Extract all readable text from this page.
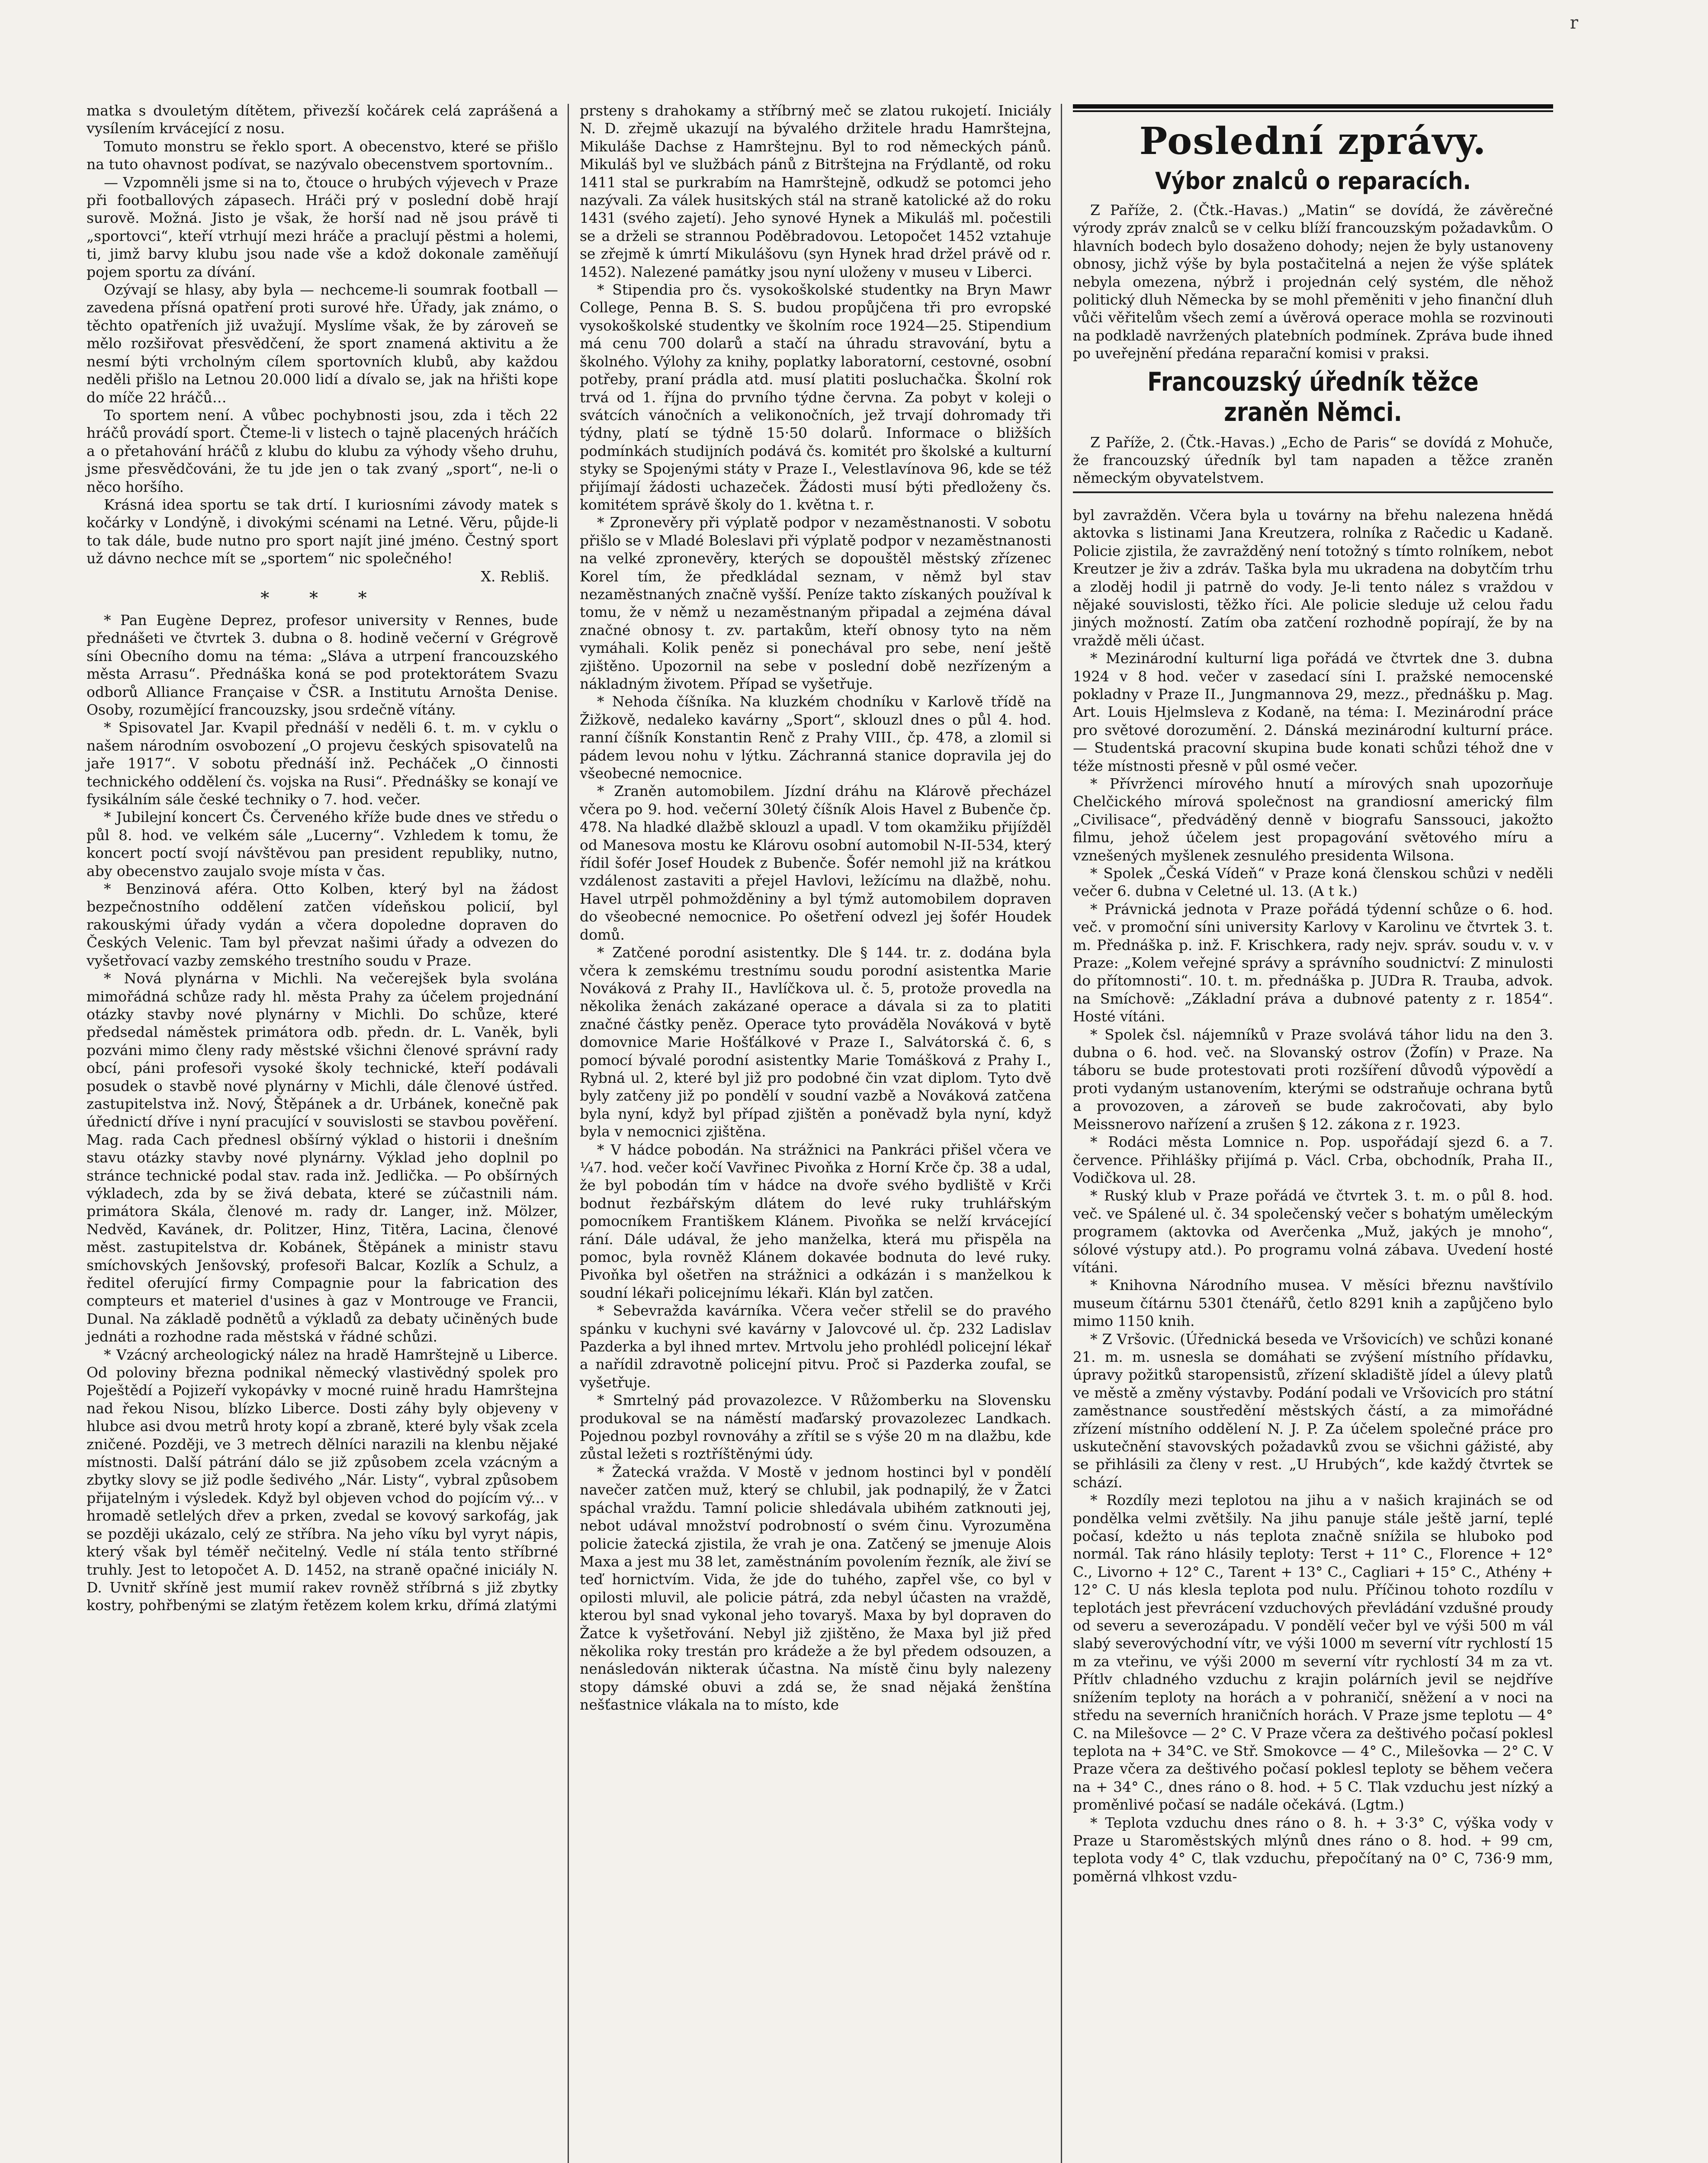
r

matka s dvouletým dítětem, přivezší kočárek celá zaprášená a vysílením krvácející z nosu.

Tomuto monstru se řeklo sport. A obecenstvo, které se přišlo na tuto ohavnost podívat, se nazývalo obecenstvem sportovním..

— Vzpomněli jsme si na to, čtouce o hrubých výjevech v Praze při footballových zápasech. Hráči prý v poslední době hrají surově. Možná. Jisto je však, že horší nad ně jsou právě ti „sportovci“, kteří vtrhují mezi hráče a praclují pěstmi a holemi, ti, jimž barvy klubu jsou nade vše a kdož dokonale zaměňují pojem sportu za dívání.

Ozývají se hlasy, aby byla — nechceme-li soumrak football — zavedena přísná opatření proti surové hře. Úřady, jak známo, o těchto opatřeních již uvažují. Myslíme však, že by zároveň se mělo rozšiřovat přesvědčení, že sport znamená aktivitu a že nesmí býti vrcholným cílem sportovních klubů, aby každou neděli přišlo na Letnou 20.000 lidí a dívalo se, jak na hřišti kope do míče 22 hráčů…

To sportem není. A vůbec pochybnosti jsou, zda i těch 22 hráčů provádí sport. Čteme-li v listech o tajně placených hráčích a o přetahování hráčů z klubu do klubu za výhody všeho druhu, jsme přesvědčováni, že tu jde jen o tak zvaný „sport“, ne-li o něco horšího.

Krásná idea sportu se tak drtí. I kuriosními závody matek s kočárky v Londýně, i divokými scénami na Letné. Věru, půjde-li to tak dále, bude nutno pro sport najít jiné jméno. Čestný sport už dávno nechce mít se „sportem“ nic společného!

X. Rebliš.

* * *

* Pan Eugène Deprez, profesor university v Rennes, bude přednášeti ve čtvrtek 3. dubna o 8. hodině večerní v Grégrově síni Obecního domu na téma: „Sláva a utrpení francouzského města Arrasu“. Přednáška koná se pod protektorátem Svazu odborů Alliance Française v ČSR. a Institutu Arnošta Denise. Osoby, rozumějící francouzsky, jsou srdečně vítány.

* Spisovatel Jar. Kvapil přednáší v neděli 6. t. m. v cyklu o našem národním osvobození „O projevu českých spisovatelů na jaře 1917“. V sobotu přednáší inž. Pecháček „O činnosti technického oddělení čs. vojska na Rusi“. Přednášky se konají ve fysikálním sále české techniky o 7. hod. večer.

* Jubilejní koncert Čs. Červeného kříže bude dnes ve středu o půl 8. hod. ve velkém sále „Lucerny“. Vzhledem k tomu, že koncert poctí svojí návštěvou pan president republiky, nutno, aby obecenstvo zaujalo svoje místa v čas.

* Benzinová aféra. Otto Kolben, který byl na žádost bezpečnostního oddělení zatčen vídeňskou policií, byl rakouskými úřady vydán a včera dopoledne dopraven do Českých Velenic. Tam byl převzat našimi úřady a odvezen do vyšetřovací vazby zemského trestního soudu v Praze.

* Nová plynárna v Michli. Na večerejšek byla svolána mimořádná schůze rady hl. města Prahy za účelem projednání otázky stavby nové plynárny v Michli. Do schůze, které předsedal náměstek primátora odb. předn. dr. L. Vaněk, byli pozváni mimo členy rady městské všichni členové správní rady obcí, páni profesoři vysoké školy technické, kteří podávali posudek o stavbě nové plynárny v Michli, dále členové ústřed. zastupitelstva inž. Nový, Štěpánek a dr. Urbánek, konečně pak úřednictí dříve i nyní pracující v souvislosti se stavbou pověření. Mag. rada Cach přednesl obšírný výklad o historii i dnešním stavu otázky stavby nové plynárny. Výklad jeho doplnil po stránce technické podal stav. rada inž. Jedlička. — Po obšírných výkladech, zda by se živá debata, které se zúčastnili nám. primátora Skála, členové m. rady dr. Langer, inž. Mölzer, Nedvěd, Kavánek, dr. Politzer, Hinz, Titěra, Lacina, členové měst. zastupitelstva dr. Kobánek, Štěpánek a ministr stavu smíchovských Jenšovský, profesoři Balcar, Kozlík a Schulz, a ředitel oferující firmy Compagnie pour la fabrication des compteurs et materiel d'usines à gaz v Montrouge ve Francii, Dunal. Na základě podnětů a výkladů za debaty učiněných bude jednáti a rozhodne rada městská v řádné schůzi.

* Vzácný archeologický nález na hradě Hamrštejně u Liberce. Od poloviny března podnikal německý vlastivědný spolek pro Poještědí a Pojizeří vykopávky v mocné ruině hradu Hamrštejna nad řekou Nisou, blízko Liberce. Dosti záhy byly objeveny v hlubce asi dvou metrů hroty kopí a zbraně, které byly však zcela zničené. Později, ve 3 metrech dělníci narazili na klenbu nějaké místnosti. Další pátrání dálo se již způsobem zcela vzácným a zbytky slovy se již podle šedivého „Nár. Listy“, vybral způsobem přijatelným i výsledek. Když byl objeven vchod do pojícím vý... v hromadě setlelých dřev a prken, zvedal se kovový sarkofág, jak se později ukázalo, celý ze stříbra. Na jeho víku byl vyryt nápis, který však byl téměř nečitelný. Vedle ní stála tento stříbrné truhly. Jest to letopočet A. D. 1452, na straně opačné iniciály N. D. Uvnitř skříně jest mumií rakev rovněž stříbrná s již zbytky kostry, pohřbenými se zlatým řetězem kolem krku, dřímá zlatými

prsteny s drahokamy a stříbrný meč se zlatou rukojetí. Iniciály N. D. zřejmě ukazují na bývalého držitele hradu Hamrštejna, Mikuláše Dachse z Hamrštejnu. Byl to rod německých pánů. Mikuláš byl ve službách pánů z Bitrštejna na Frýdlantě, od roku 1411 stal se purkrabím na Hamrštejně, odkudž se potomci jeho nazývali. Za válek husitských stál na straně katolické až do roku 1431 (svého zajetí). Jeho synové Hynek a Mikuláš ml. počestili se a drželi se strannou Poděbradovou. Letopočet 1452 vztahuje se zřejmě k úmrtí Mikulášovu (syn Hynek hrad držel právě od r. 1452). Nalezené památky jsou nyní uloženy v museu v Liberci.

* Stipendia pro čs. vysokoškolské studentky na Bryn Mawr College, Penna B. S. S. budou propůjčena tři pro evropské vysokoškolské studentky ve školním roce 1924—25. Stipendium má cenu 700 dolarů a stačí na úhradu stravování, bytu a školného. Výlohy za knihy, poplatky laboratorní, cestovné, osobní potřeby, praní prádla atd. musí platiti posluchačka. Školní rok trvá od 1. října do prvního týdne června. Za pobyt v koleji o svátcích vánočních a velikonočních, jež trvají dohromady tři týdny, platí se týdně 15·50 dolarů. Informace o bližších podmínkách studijních podává čs. komitét pro školské a kulturní styky se Spojenými státy v Praze I., Velestlavínova 96, kde se též přijímají žádosti uchazeček. Žádosti musí býti předloženy čs. komitétem správě školy do 1. května t. r.

* Zpronevěry při výplatě podpor v nezaměstnanosti. V sobotu přišlo se v Mladé Boleslavi při výplatě podpor v nezaměstnanosti na velké zpronevěry, kterých se dopouštěl městský zřízenec Korel tím, že předkládal seznam, v němž byl stav nezaměstnaných značně vyšší. Peníze takto získaných používal k tomu, že v němž u nezaměstnaným připadal a zejména dával značné obnosy t. zv. partakům, kteří obnosy tyto na něm vymáhali. Kolik peněz si ponechával pro sebe, není ještě zjištěno. Upozornil na sebe v poslední době nezřízeným a nákladným životem. Případ se vyšetřuje.

* Nehoda číšníka. Na kluzkém chodníku v Karlově třídě na Žižkově, nedaleko kavárny „Sport“, sklouzl dnes o půl 4. hod. ranní číšník Konstantin Renč z Prahy VIII., čp. 478, a zlomil si pádem levou nohu v lýtku. Záchranná stanice dopravila jej do všeobecné nemocnice.

* Zraněn automobilem. Jízdní dráhu na Klárově přecházel včera po 9. hod. večerní 30letý číšník Alois Havel z Bubenče čp. 478. Na hladké dlažbě sklouzl a upadl. V tom okamžiku přijížděl od Manesova mostu ke Klárovu osobní automobil N-II-534, který řídil šofér Josef Houdek z Bubenče. Šofér nemohl již na krátkou vzdálenost zastaviti a přejel Havlovi, ležícímu na dlažbě, nohu. Havel utrpěl pohmožděniny a byl týmž automobilem dopraven do všeobecné nemocnice. Po ošetření odvezl jej šofér Houdek domů.

* Zatčené porodní asistentky. Dle § 144. tr. z. dodána byla včera k zemskému trestnímu soudu porodní asistentka Marie Nováková z Prahy II., Havlíčkova ul. č. 5, protože provedla na několika ženách zakázané operace a dávala si za to platiti značné částky peněz. Operace tyto prováděla Nováková v bytě domovnice Marie Hošťálkové v Praze I., Salvátorská č. 6, s pomocí bývalé porodní asistentky Marie Tomášková z Prahy I., Rybná ul. 2, které byl již pro podobné čin vzat diplom. Tyto dvě byly zatčeny již po pondělí v soudní vazbě a Nováková zatčena byla nyní, když byl případ zjištěn a poněvadž byla nyní, když byla v nemocnici zjištěna.

* V hádce pobodán. Na strážnici na Pankráci přišel včera ve ¼7. hod. večer kočí Vavřinec Pivoňka z Horní Krče čp. 38 a udal, že byl pobodán tím v hádce na dvoře svého bydliště v Krči bodnut řezbářským dlátem do levé ruky truhlářským pomocníkem Františkem Klánem. Pivoňka se nelží krvácející rání. Dále udával, že jeho manželka, která mu přispěla na pomoc, byla rovněž Klánem dokavée bodnuta do levé ruky. Pivoňka byl ošetřen na strážnici a odkázán i s manželkou k soudní lékaři policejnímu lékaři. Klán byl zatčen.

* Sebevražda kavárníka. Včera večer střelil se do pravého spánku v kuchyni své kavárny v Jalovcové ul. čp. 232 Ladislav Pazderka a byl ihned mrtev. Mrtvolu jeho prohlédl policejní lékař a nařídil zdravotně policejní pitvu. Proč si Pazderka zoufal, se vyšetřuje.

* Smrtelný pád provazolezce. V Růžomberku na Slovensku produkoval se na náměstí maďarský provazolezec Landkach. Pojednou pozbyl rovnováhy a zřítil se s výše 20 m na dlažbu, kde zůstal ležeti s roztříštěnými údy.

* Žatecká vražda. V Mostě v jednom hostinci byl v pondělí navečer zatčen muž, který se chlubil, jak podnapilý, že v Žatci spáchal vraždu. Tamní policie shledávala ubihém zatknouti jej, nebot udával množství podrobností o svém činu. Vyrozuměna policie žatecká zjistila, že vrah je ona. Zatčený se jmenuje Alois Maxa a jest mu 38 let, zaměstnáním povolením řezník, ale živí se teď hornictvím. Vida, že jde do tuhého, zapřel vše, co byl v opilosti mluvil, ale policie pátrá, zda nebyl účasten na vraždě, kterou byl snad vykonal jeho tovaryš. Maxa by byl dopraven do Žatce k vyšetřování. Nebyl již zjištěno, že Maxa byl již před několika roky trestán pro krádeže a že byl předem odsouzen, a nenásledován nikterak účastna. Na místě činu byly nalezeny stopy dámské obuvi a zdá se, že snad nějaká ženštína nešťastnice vlákala na to místo, kde

Poslední zprávy.
Výbor znalců o reparacích.

Z Paříže, 2. (Čtk.-Havas.) „Matin“ se dovídá, že závěrečné výrody zpráv znalců se v celku blíží francouzským požadavkům. O hlavních bodech bylo dosaženo dohody; nejen že byly ustanoveny obnosy, jichž výše by byla postačitelná a nejen že výše splátek nebyla omezena, nýbrž i projednán celý systém, dle něhož politický dluh Německa by se mohl přeměniti v jeho finanční dluh vůči věřitelům všech zemí a úvěrová operace mohla se rozvinouti na podkladě navržených platebních podmínek. Zpráva bude ihned po uveřejnění předána reparační komisi v praksi.

Francouzský úředník těžce zraněn Němci.

Z Paříže, 2. (Čtk.-Havas.) „Echo de Paris“ se dovídá z Mohuče, že francouzský úředník byl tam napaden a těžce zraněn německým obyvatelstvem.

byl zavražděn. Včera byla u továrny na břehu nalezena hnědá aktovka s listinami Jana Kreutzera, rolníka z Račedic u Kadaně. Policie zjistila, že zavražděný není totožný s tímto rolníkem, nebot Kreutzer je živ a zdráv. Taška byla mu ukradena na dobytčím trhu a zloděj hodil ji patrně do vody. Je-li tento nález s vraždou v nějaké souvislosti, těžko říci. Ale policie sleduje už celou řadu jiných možností. Zatím oba zatčení rozhodně popírají, že by na vraždě měli účast.

* Mezinárodní kulturní liga pořádá ve čtvrtek dne 3. dubna 1924 v 8 hod. večer v zasedací síni I. pražské nemocenské pokladny v Praze II., Jungmannova 29, mezz., přednášku p. Mag. Art. Louis Hjelmsleva z Kodaně, na téma: I. Mezinárodní práce pro světové dorozumění. 2. Dánská mezinárodní kulturní práce. — Studentská pracovní skupina bude konati schůzi téhož dne v téže místnosti přesně v půl osmé večer.

* Přívrženci mírového hnutí a mírových snah upozorňuje Chelčického mírová společnost na grandiosní americký film „Civilisace“, předváděný denně v biografu Sanssouci, jakožto filmu, jehož účelem jest propagování světového míru a vznešených myšlenek zesnulého presidenta Wilsona.

* Spolek „Česká Vídeň“ v Praze koná členskou schůzi v neděli večer 6. dubna v Celetné ul. 13. (A t k.)

* Právnická jednota v Praze pořádá týdenní schůze o 6. hod. več. v promoční síni university Karlovy v Karolinu ve čtvrtek 3. t. m. Přednáška p. inž. F. Krischkera, rady nejv. správ. soudu v. v. v Praze: „Kolem veřejné správy a správního soudnictví: Z minulosti do přítomnosti“. 10. t. m. přednáška p. JUDra R. Trauba, advok. na Smíchově: „Základní práva a dubnové patenty z r. 1854“. Hosté vítáni.

* Spolek čsl. nájemníků v Praze svolává táhor lidu na den 3. dubna o 6. hod. več. na Slovanský ostrov (Žofín) v Praze. Na táboru se bude protestovati proti rozšíření důvodů výpovědí a proti vydaným ustanovením, kterými se odstraňuje ochrana bytů a provozoven, a zároveň se bude zakročovati, aby bylo Meissnerovo nařízení a zrušen § 12. zákona z r. 1923.

* Rodáci města Lomnice n. Pop. uspořádají sjezd 6. a 7. července. Přihlášky přijímá p. Václ. Crba, obchodník, Praha II., Vodičkova ul. 28.

* Ruský klub v Praze pořádá ve čtvrtek 3. t. m. o půl 8. hod. več. ve Spálené ul. č. 34 společenský večer s bohatým uměleckým programem (aktovka od Averčenka „Muž, jakých je mnoho“, sólové výstupy atd.). Po programu volná zábava. Uvedení hosté vítáni.

* Knihovna Národního musea. V měsíci březnu navštívilo museum čítárnu 5301 čtenářů, četlo 8291 knih a zapůjčeno bylo mimo 1150 knih.

* Z Vršovic. (Úřednická beseda ve Vršovicích) ve schůzi konané 21. m. m. usnesla se domáhati se zvýšení místního přídavku, úpravy požitků staropensistů, zřízení skladiště jídel a úlevy platů ve městě a změny výstavby. Podání podali ve Vršovicích pro státní zaměstnance soustředění městských částí, a za mimořádné zřízení místního oddělení N. J. P. Za účelem společné práce pro uskutečnění stavovských požadavků zvou se všichni gážisté, aby se přihlásili za členy v rest. „U Hrubých“, kde každý čtvrtek se schází.

* Rozdíly mezi teplotou na jihu a v našich krajinách se od pondělka velmi zvětšily. Na jihu panuje stále ještě jarní, teplé počasí, kdežto u nás teplota značně snížila se hluboko pod normál. Tak ráno hlásily teploty: Terst + 11° C., Florence + 12° C., Livorno + 12° C., Tarent + 13° C., Cagliari + 15° C., Athény + 12° C. U nás klesla teplota pod nulu. Příčinou tohoto rozdílu v teplotách jest převrácení vzduchových převládání vzdušné proudy od severu a severozápadu. V pondělí večer byl ve výši 500 m vál slabý severovýchodní vítr, ve výši 1000 m severní vítr rychlostí 15 m za vteřinu, ve výši 2000 m severní vítr rychlostí 34 m za vt. Přítlv chladného vzduchu z krajin polárních jevil se nejdříve snížením teploty na horách a v pohraničí, sněžení a v noci na středu na severních hraničních horách. V Praze jsme teplotu — 4° C. na Milešovce — 2° C. V Praze včera za deštivého počasí poklesl teplota na + 34°C. ve Stř. Smokovce — 4° C., Milešovka — 2° C. V Praze včera za deštivého počasí poklesl teploty se během večera na + 34° C., dnes ráno o 8. hod. + 5 C. Tlak vzduchu jest nízký a proměnlivé počasí se nadále očekává. (Lgtm.)

* Teplota vzduchu dnes ráno o 8. h. + 3·3° C, výška vody v Praze u Staroměstských mlýnů dnes ráno o 8. hod. + 99 cm, teplota vody 4° C, tlak vzduchu, přepočítaný na 0° C, 736·9 mm, poměrná vlhkost vzdu-
